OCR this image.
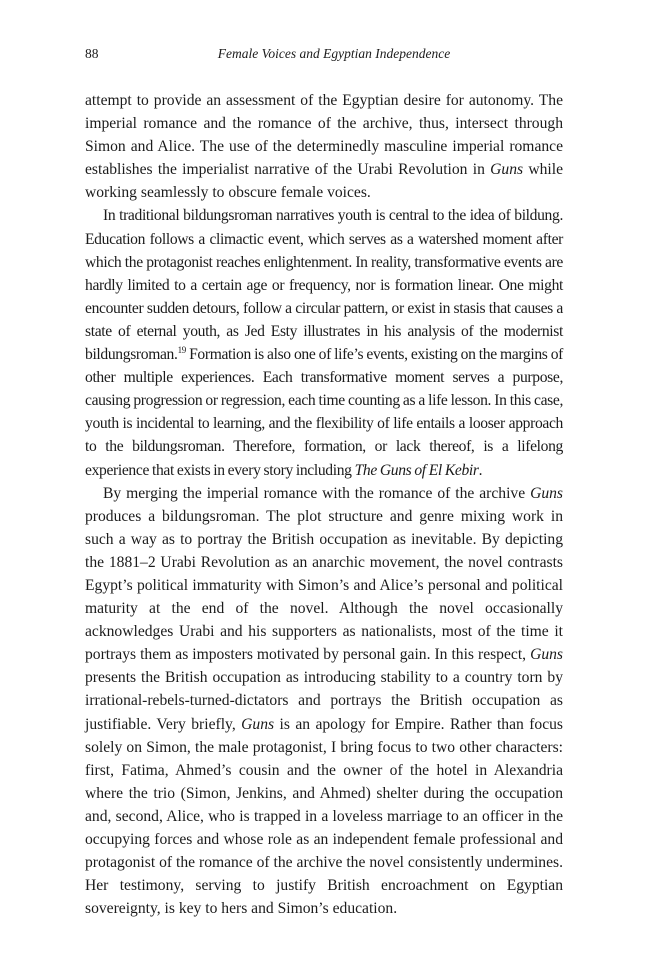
88	Female Voices and Egyptian Independence

attempt to provide an assessment of the Egyptian desire for autonomy. The imperial romance and the romance of the archive, thus, intersect through Simon and Alice. The use of the determinedly masculine imperial romance establishes the imperialist narrative of the Urabi Revolution in Guns while working seamlessly to obscure female voices.

In traditional bildungsroman narratives youth is central to the idea of bildung. Education follows a climactic event, which serves as a watershed moment after which the protagonist reaches enlightenment. In reality, transformative events are hardly limited to a certain age or frequency, nor is formation linear. One might encounter sudden detours, follow a circular pattern, or exist in stasis that causes a state of eternal youth, as Jed Esty illustrates in his analysis of the modernist bildungsroman.$^{19}$ Formation is also one of life’s events, existing on the margins of other multiple experiences. Each transformative moment serves a purpose, causing progression or regression, each time counting as a life lesson. In this case, youth is incidental to learning, and the flexibility of life entails a looser approach to the bildungsroman. Therefore, formation, or lack thereof, is a lifelong experience that exists in every story including The Guns of El Kebir.

By merging the imperial romance with the romance of the archive Guns produces a bildungsroman. The plot structure and genre mixing work in such a way as to portray the British occupation as inevitable. By depicting the 1881–2 Urabi Revolution as an anarchic movement, the novel contrasts Egypt’s political immaturity with Simon’s and Alice’s personal and political maturity at the end of the novel. Although the novel occasionally acknowledges Urabi and his supporters as nationalists, most of the time it portrays them as imposters motivated by personal gain. In this respect, Guns presents the British occupation as introducing stability to a country torn by irrational-rebels-turned-dictators and portrays the British occupation as justifiable. Very briefly, Guns is an apology for Empire. Rather than focus solely on Simon, the male protagonist, I bring focus to two other characters: first, Fatima, Ahmed’s cousin and the owner of the hotel in Alexandria where the trio (Simon, Jenkins, and Ahmed) shelter during the occupation and, second, Alice, who is trapped in a loveless marriage to an officer in the occupying forces and whose role as an independent female professional and protagonist of the romance of the archive the novel consistently undermines. Her testimony, serving to justify British encroachment on Egyptian sovereignty, is key to hers and Simon’s education.
